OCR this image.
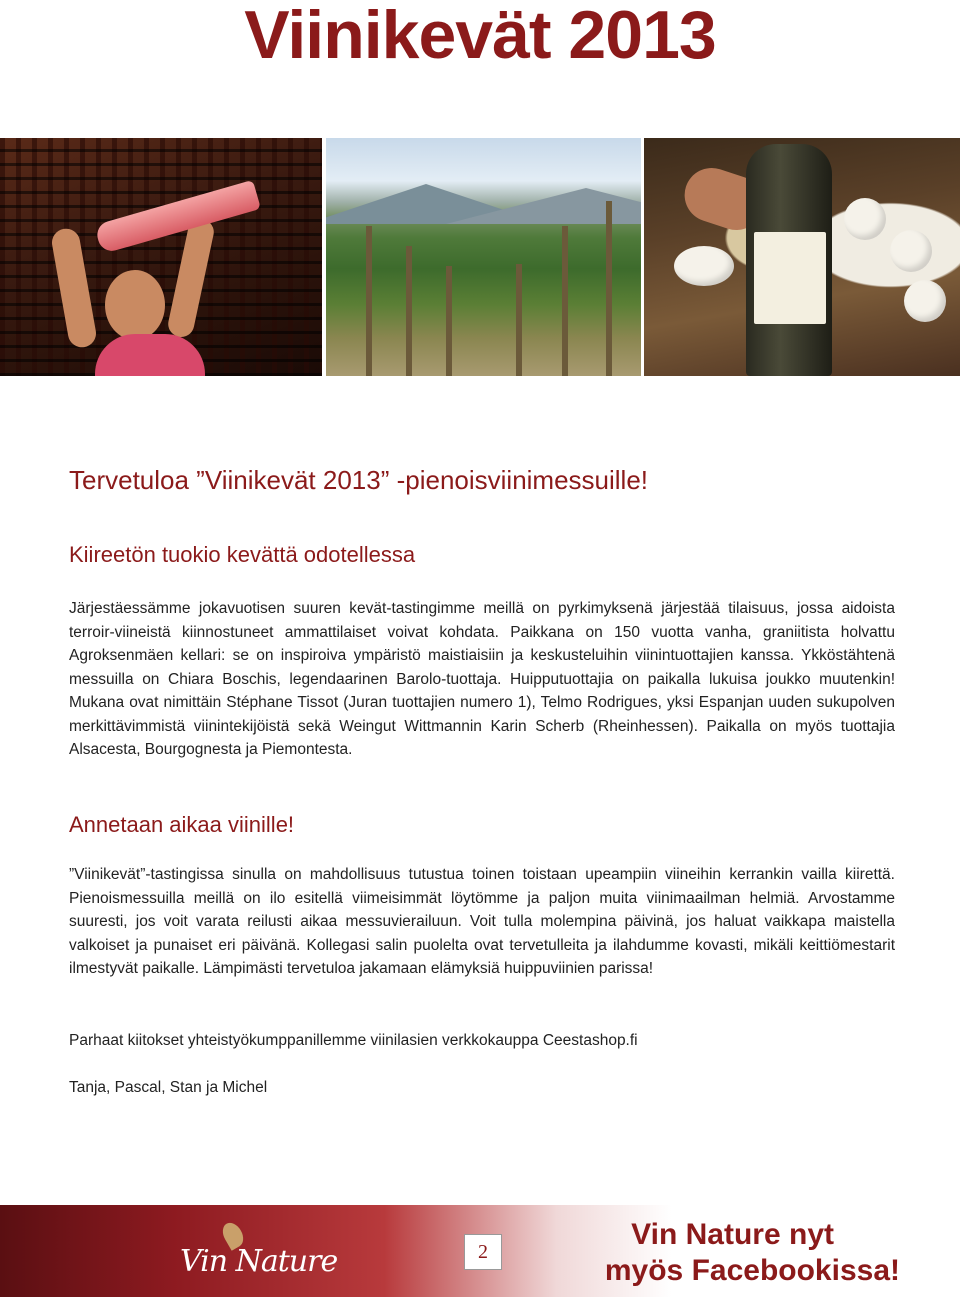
Viinikevät 2013
Tervetuloa ”Viinikevät 2013” -pienoisviinimessuille!
Kiireetön tuokio kevättä odotellessa

Järjestäessämme jokavuotisen suuren kevät-tastingimme meillä on pyrkimyksenä järjestää tilaisuus, jossa aidoista terroir-viineistä kiinnostuneet ammattilaiset voivat kohdata. Paikkana on 150 vuotta vanha, graniitista holvattu Agroksenmäen kellari: se on inspiroiva ympäristö maistiaisiin ja keskusteluihin viinintuottajien kanssa. Ykköstähtenä messuilla on Chiara Boschis, legendaarinen Barolo-tuottaja. Huipputuottajia on paikalla lukuisa joukko muutenkin! Mukana ovat nimittäin Stéphane Tissot (Juran tuottajien numero 1), Telmo Rodrigues, yksi Espanjan uuden sukupolven merkittävimmistä viinintekijöistä sekä Weingut Wittmannin Karin Scherb (Rheinhessen). Paikalla on myös tuottajia Alsacesta, Bourgognesta ja Piemontesta.

Annetaan aikaa viinille!

”Viinikevät”-tastingissa sinulla on mahdollisuus tutustua toinen toistaan upeampiin viineihin kerrankin vailla kiirettä. Pienoismessuilla meillä on ilo esitellä viimeisimmät löytömme ja paljon muita viinimaailman helmiä. Arvostamme suuresti, jos voit varata reilusti aikaa messuvierailuun. Voit tulla molempina päivinä, jos haluat vaikkapa maistella valkoiset ja punaiset eri päivänä. Kollegasi salin puolelta ovat tervetulleita ja ilahdumme kovasti, mikäli keittiömestarit ilmestyvät paikalle. Lämpimästi tervetuloa jakamaan elämyksiä huippuviinien parissa!

Parhaat kiitokset yhteistyökumppanillemme viinilasien verkkokauppa Ceestashop.fi

Tanja, Pascal, Stan ja Michel

Vin Nature	2
Vin Nature nyt
myös Facebookissa!
